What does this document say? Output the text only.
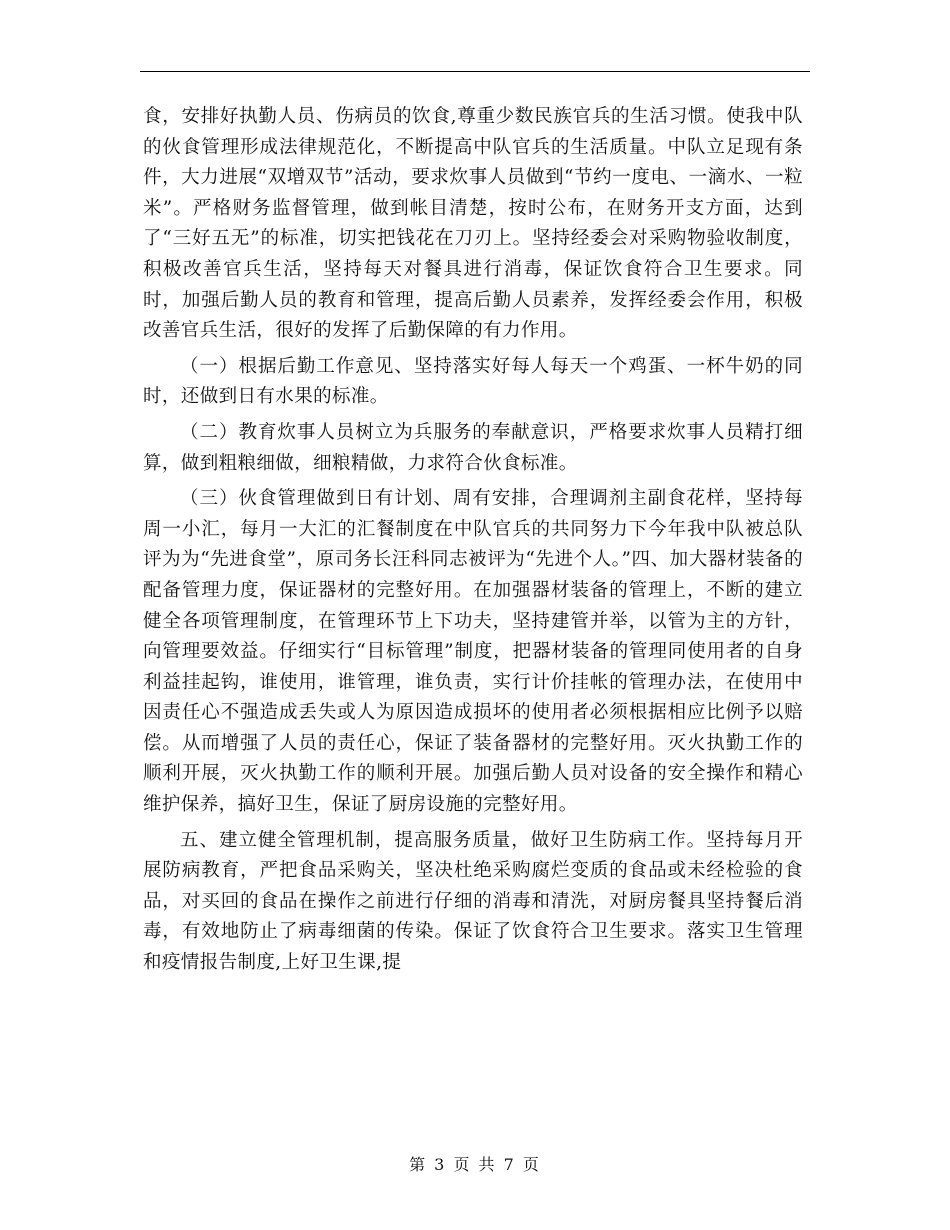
食，安排好执勤人员、伤病员的饮食,尊重少数民族官兵的生活习惯。使我中队的伙食管理形成法律规范化，不断提高中队官兵的生活质量。中队立足现有条件，大力进展“双增双节”活动，要求炊事人员做到“节约一度电、一滴水、一粒米”。严格财务监督管理，做到帐目清楚，按时公布，在财务开支方面，达到了“三好五无”的标准，切实把钱花在刀刃上。坚持经委会对采购物验收制度，积极改善官兵生活，坚持每天对餐具进行消毒，保证饮食符合卫生要求。同时，加强后勤人员的教育和管理，提高后勤人员素养，发挥经委会作用，积极改善官兵生活，很好的发挥了后勤保障的有力作用。

（一）根据后勤工作意见、坚持落实好每人每天一个鸡蛋、一杯牛奶的同时，还做到日有水果的标准。

（二）教育炊事人员树立为兵服务的奉献意识，严格要求炊事人员精打细算，做到粗粮细做，细粮精做，力求符合伙食标准。

（三）伙食管理做到日有计划、周有安排，合理调剂主副食花样，坚持每周一小汇，每月一大汇的汇餐制度在中队官兵的共同努力下今年我中队被总队评为为“先进食堂”，原司务长汪科同志被评为“先进个人。”四、加大器材装备的配备管理力度，保证器材的完整好用。在加强器材装备的管理上，不断的建立健全各项管理制度，在管理环节上下功夫，坚持建管并举，以管为主的方针，向管理要效益。仔细实行“目标管理”制度，把器材装备的管理同使用者的自身利益挂起钩，谁使用，谁管理，谁负责，实行计价挂帐的管理办法，在使用中因责任心不强造成丢失或人为原因造成损坏的使用者必须根据相应比例予以赔偿。从而增强了人员的责任心，保证了装备器材的完整好用。灭火执勤工作的顺利开展，灭火执勤工作的顺利开展。加强后勤人员对设备的安全操作和精心维护保养，搞好卫生，保证了厨房设施的完整好用。

五、建立健全管理机制，提高服务质量，做好卫生防病工作。坚持每月开展防病教育，严把食品采购关，坚决杜绝采购腐烂变质的食品或未经检验的食品，对买回的食品在操作之前进行仔细的消毒和清洗，对厨房餐具坚持餐后消毒，有效地防止了病毒细菌的传染。保证了饮食符合卫生要求。落实卫生管理和疫情报告制度,上好卫生课,提

第 3 页 共 7 页
